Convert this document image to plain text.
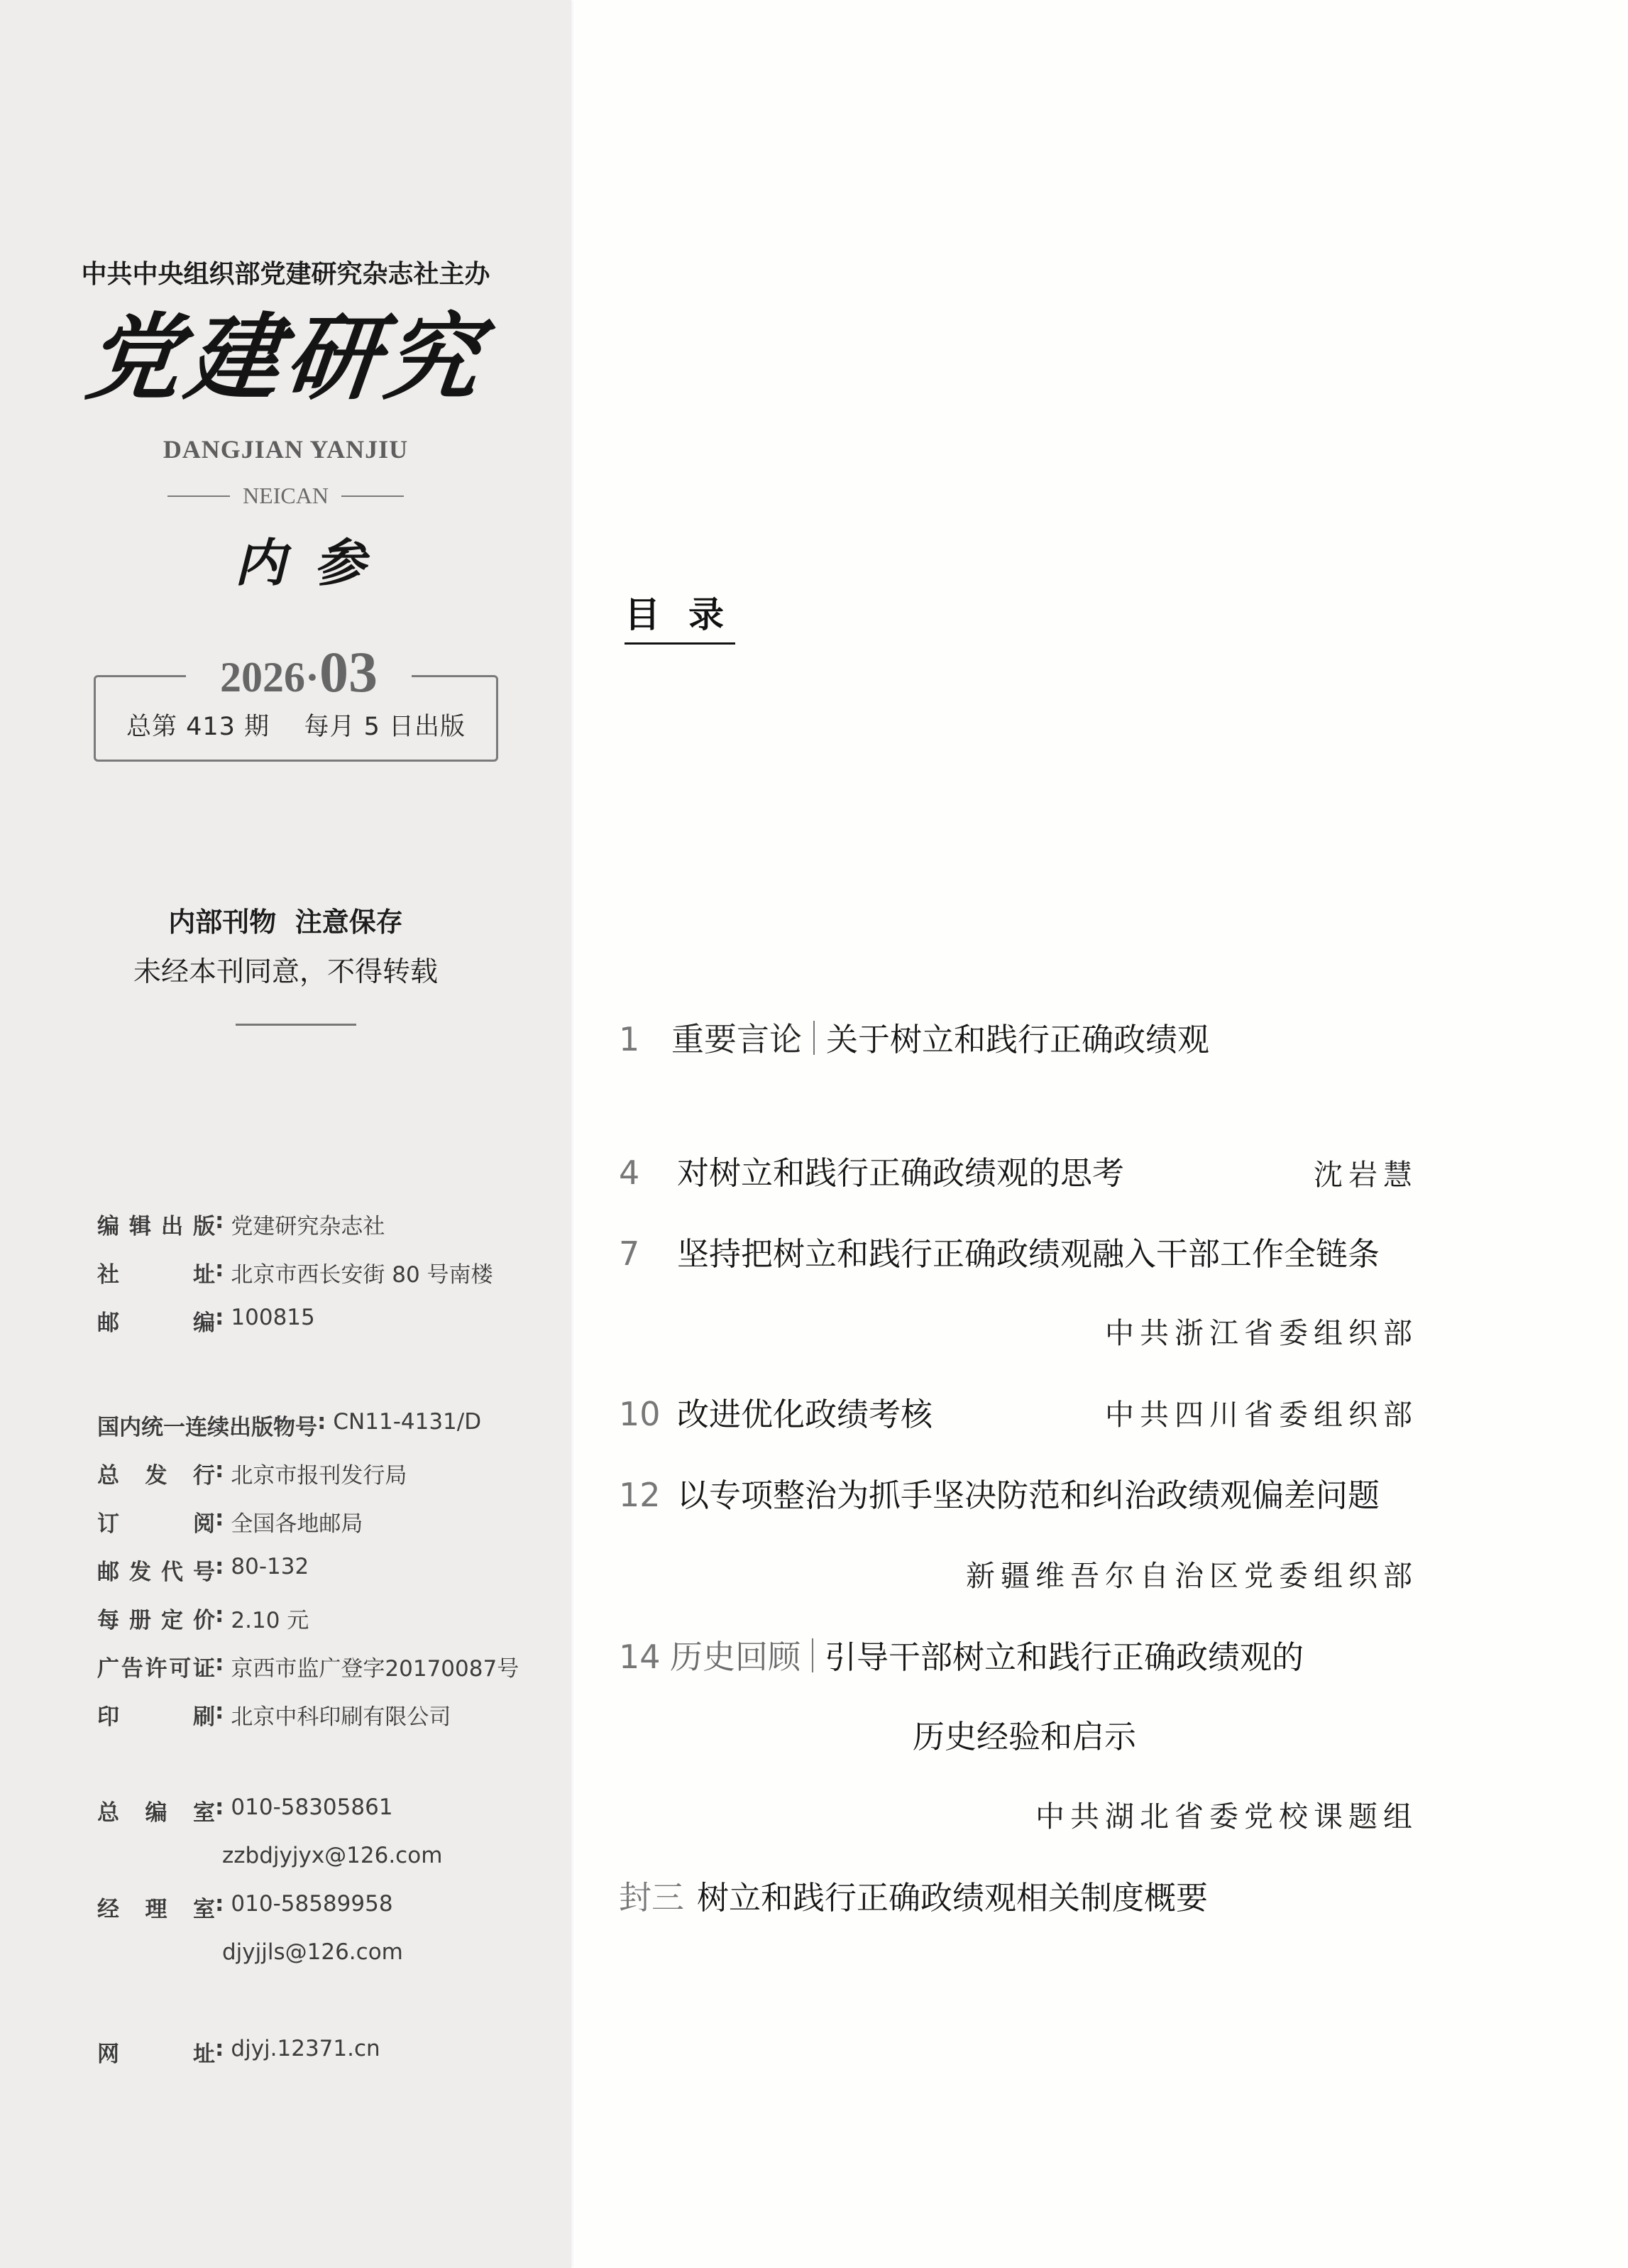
中共中央组织部党建研究杂志社主办
党建研究
DANGJIAN YANJIU
NEICAN
内参
2026·03
总第 413 期    每月 5 日出版
内部刊物  注意保存
未经本刊同意，不得转载
编辑出版 : 党建研究杂志社
社址 : 北京市西长安街 80 号南楼
邮编 : 100815
国内统一连续出版物号 : CN11-4131/D
总发行 : 北京市报刊发行局
订阅 : 全国各地邮局
邮发代号 : 80-132
每册定价 : 2.10 元
广告许可证 : 京西市监广登字20170087号
印刷 : 北京中科印刷有限公司
总编室 : 010-58305861
zzbdjyjyx@126.com
经理室 : 010-58589958
djyjjls@126.com
网址 : djyj.12371.cn
目录
1 重要言论 关于树立和践行正确政绩观
4	对树立和践行正确政绩观的思考	沈岩慧
7	坚持把树立和践行正确政绩观融入干部工作全链条
中共浙江省委组织部
10 改进优化政绩考核	中共四川省委组织部
12 以专项整治为抓手坚决防范和纠治政绩观偏差问题
新疆维吾尔自治区党委组织部
14 历史回顾 引导干部树立和践行正确政绩观的
历史经验和启示
中共湖北省委党校课题组
封三 树立和践行正确政绩观相关制度概要
